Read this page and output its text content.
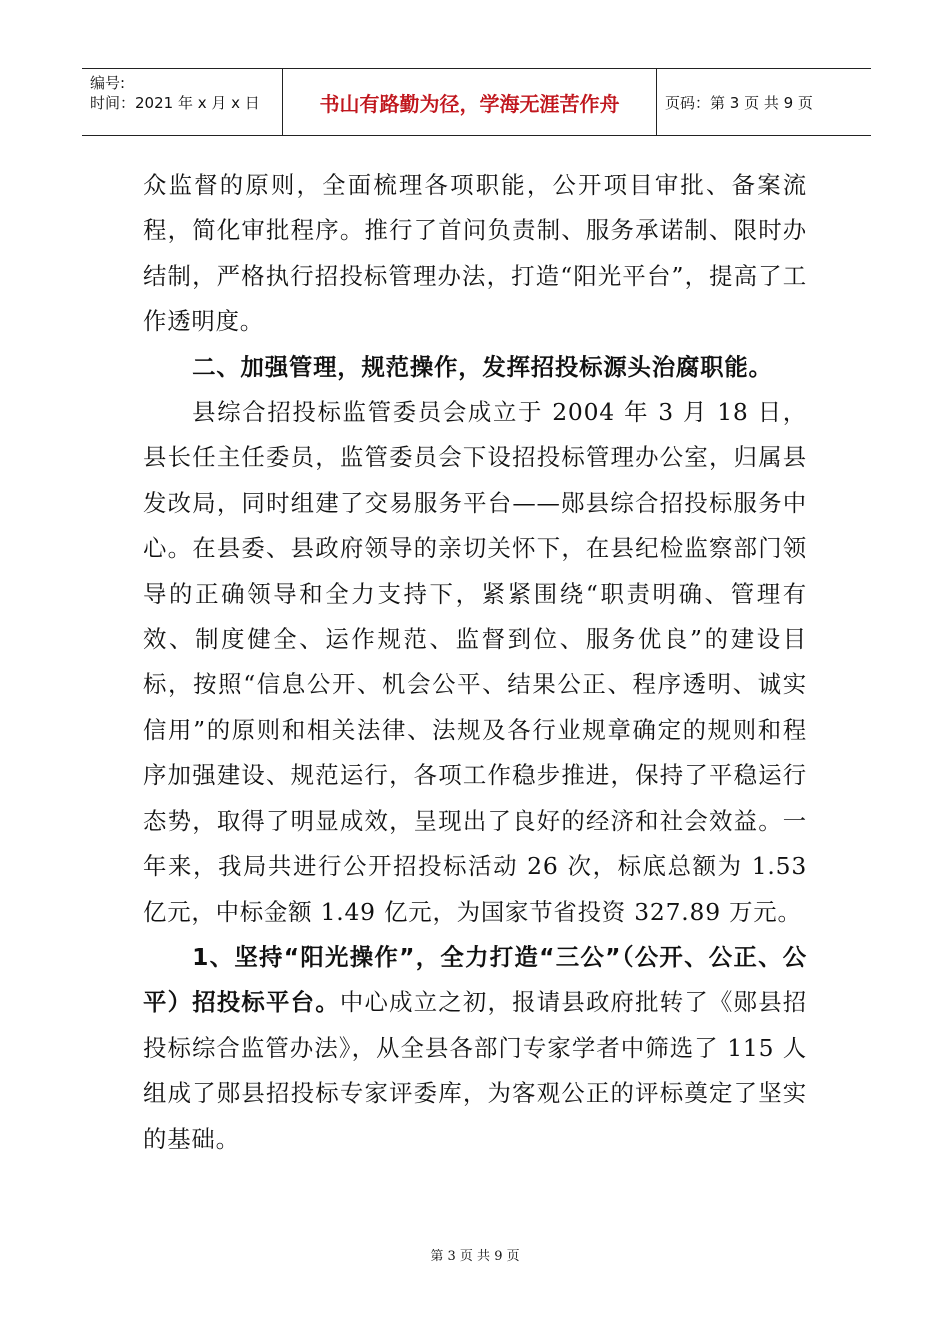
编号:
时间：2021 年 x 月 x 日	书山有路勤为径，学海无涯苦作舟	页码：第 3 页 共 9 页

众监督的原则，全面梳理各项职能，公开项目审批、备案流程，简化审批程序。推行了首问负责制、服务承诺制、限时办结制，严格执行招投标管理办法，打造“阳光平台”，提高了工作透明度。

二、加强管理，规范操作，发挥招投标源头治腐职能。

县综合招投标监管委员会成立于 2004 年 3 月 18 日，县长任主任委员，监管委员会下设招投标管理办公室，归属县发改局，同时组建了交易服务平台——郧县综合招投标服务中心。在县委、县政府领导的亲切关怀下，在县纪检监察部门领导的正确领导和全力支持下，紧紧围绕“职责明确、管理有效、制度健全、运作规范、监督到位、服务优良”的建设目标，按照“信息公开、机会公平、结果公正、程序透明、诚实信用”的原则和相关法律、法规及各行业规章确定的规则和程序加强建设、规范运行，各项工作稳步推进，保持了平稳运行态势，取得了明显成效，呈现出了良好的经济和社会效益。一年来，我局共进行公开招投标活动 26 次，标底总额为 1.53 亿元，中标金额 1.49 亿元，为国家节省投资 327.89 万元。

1、坚持“阳光操作”，全力打造“三公”（公开、公正、公平）招投标平台。中心成立之初，报请县政府批转了《郧县招投标综合监管办法》，从全县各部门专家学者中筛选了 115 人组成了郧县招投标专家评委库，为客观公正的评标奠定了坚实的基础。

第 3 页 共 9 页
